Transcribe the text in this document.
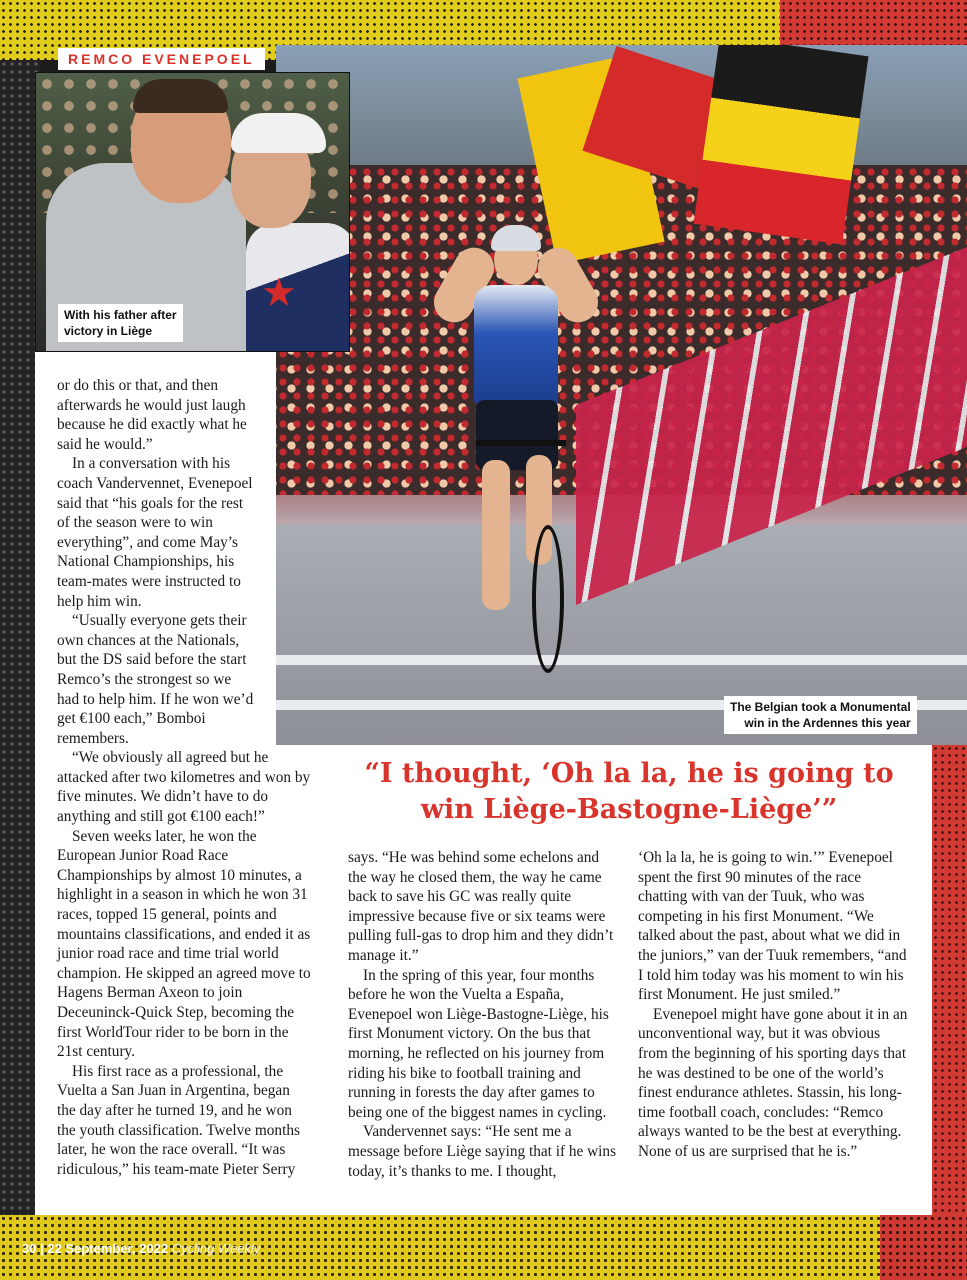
★
REMCO EVENEPOEL
With his father after
victory in Liège
The Belgian took a Monumental
win in the Ardennes this year
“I thought, ‘Oh la la, he is going to
win Liège-Bastogne-Liège’”

or do this or that, and then afterwards he would just laugh because he did exactly what he said he would.”

In a conversation with his coach Vandervennet, Evenepoel said that “his goals for the rest of the season were to win everything”, and come May’s National Championships, his team-mates were instructed to help him win.

“Usually everyone gets their own chances at the Nationals, but the DS said before the start Remco’s the strongest so we had to help him. If he won we’d get €100 each,” Bomboi remembers.

“We obviously all agreed but he attacked after two kilometres and won by five minutes. We didn’t have to do anything and still got €100 each!”

Seven weeks later, he won the European Junior Road Race Championships by almost 10 minutes, a highlight in a season in which he won 31 races, topped 15 general, points and mountains classifications, and ended it as junior road race and time trial world champion. He skipped an agreed move to Hagens Berman Axeon to join Deceuninck-Quick Step, becoming the first WorldTour rider to be born in the 21st century.

His first race as a professional, the Vuelta a San Juan in Argentina, began the day after he turned 19, and he won the youth classification. Twelve months later, he won the race overall. “It was ridiculous,” his team-mate Pieter Serry

says. “He was behind some echelons and the way he closed them, the way he came back to save his GC was really quite impressive because five or six teams were pulling full-gas to drop him and they didn’t manage it.”

In the spring of this year, four months before he won the Vuelta a España, Evenepoel won Liège-Bastogne-Liège, his first Monument victory. On the bus that morning, he reflected on his journey from riding his bike to football training and running in forests the day after games to being one of the biggest names in cycling.

Vandervennet says: “He sent me a message before Liège saying that if he wins today, it’s thanks to me. I thought,

‘Oh la la, he is going to win.’” Evenepoel spent the first 90 minutes of the race chatting with van der Tuuk, who was competing in his first Monument. “We talked about the past, about what we did in the juniors,” van der Tuuk remembers, “and I told him today was his moment to win his first Monument. He just smiled.”

Evenepoel might have gone about it in an unconventional way, but it was obvious from the beginning of his sporting days that he was destined to be one of the world’s finest endurance athletes. Stassin, his long-time football coach, concludes: “Remco always wanted to be the best at everything. None of us are surprised that he is.”

30 | 22 September, 2022 Cycling Weekly
